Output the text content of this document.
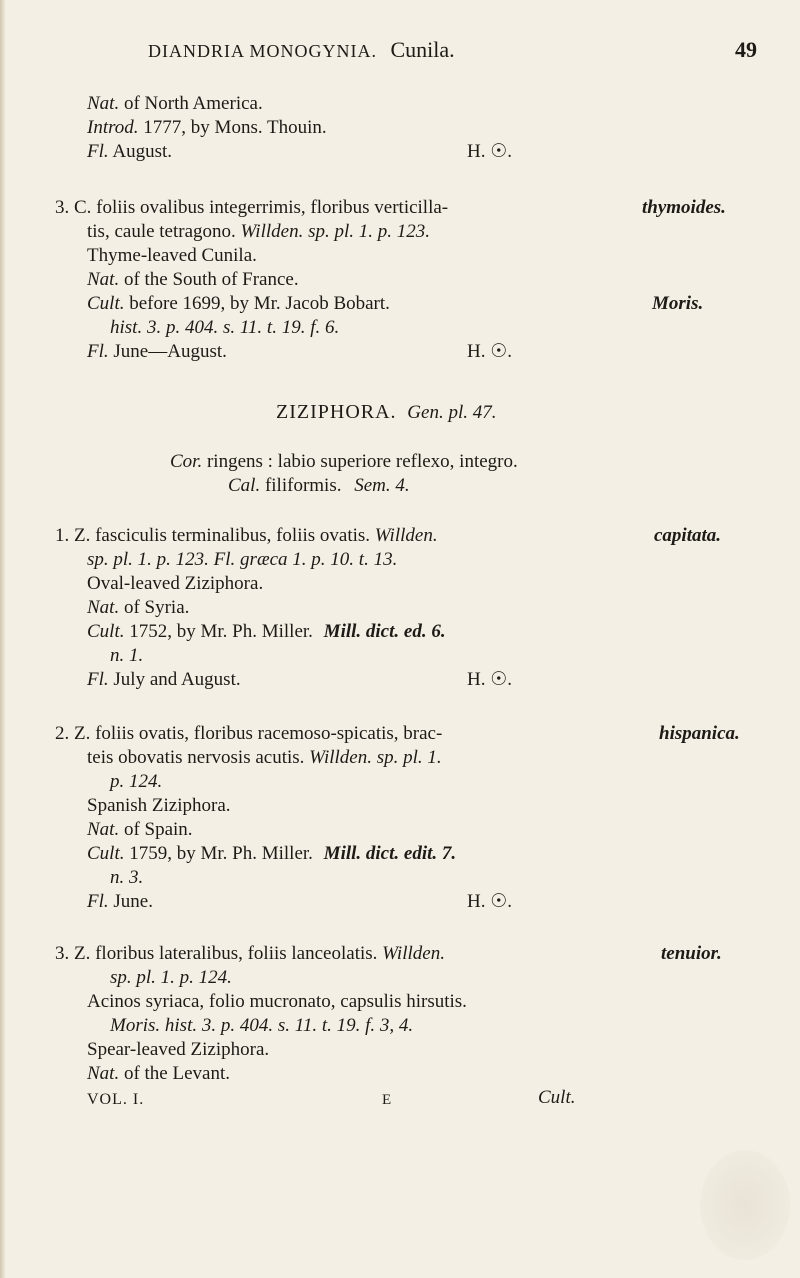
DIANDRIA MONOGYNIA. Cunila.	49
Nat. of North America.
Introd. 1777, by Mons. Thouin.
Fl. August.	H. ☉.
3. C. foliis ovalibus integerrimis, floribus verticilla-	thymoides.
tis, caule tetragono. Willden. sp. pl. 1. p. 123.
Thyme-leaved Cunila.
Nat. of the South of France.
Cult. before 1699, by Mr. Jacob Bobart.	Moris.
hist. 3. p. 404. s. 11. t. 19. f. 6.
Fl. June—August.	H. ☉.
ZIZIPHORA. Gen. pl. 47.
Cor. ringens : labio superiore reflexo, integro.
Cal. filiformis. Sem. 4.
1. Z. fasciculis terminalibus, foliis ovatis. Willden.	capitata.
sp. pl. 1. p. 123. Fl. græca 1. p. 10. t. 13.
Oval-leaved Ziziphora.
Nat. of Syria.
Cult. 1752, by Mr. Ph. Miller. Mill. dict. ed. 6.
n. 1.
Fl. July and August.	H. ☉.
2. Z. foliis ovatis, floribus racemoso-spicatis, brac-	hispanica.
teis obovatis nervosis acutis. Willden. sp. pl. 1.
p. 124.
Spanish Ziziphora.
Nat. of Spain.
Cult. 1759, by Mr. Ph. Miller. Mill. dict. edit. 7.
n. 3.
Fl. June.	H. ☉.
3. Z. floribus lateralibus, foliis lanceolatis. Willden.	tenuior.
sp. pl. 1. p. 124.
Acinos syriaca, folio mucronato, capsulis hirsutis.
Moris. hist. 3. p. 404. s. 11. t. 19. f. 3, 4.
Spear-leaved Ziziphora.
Nat. of the Levant.
VOL. I.	E	Cult.
